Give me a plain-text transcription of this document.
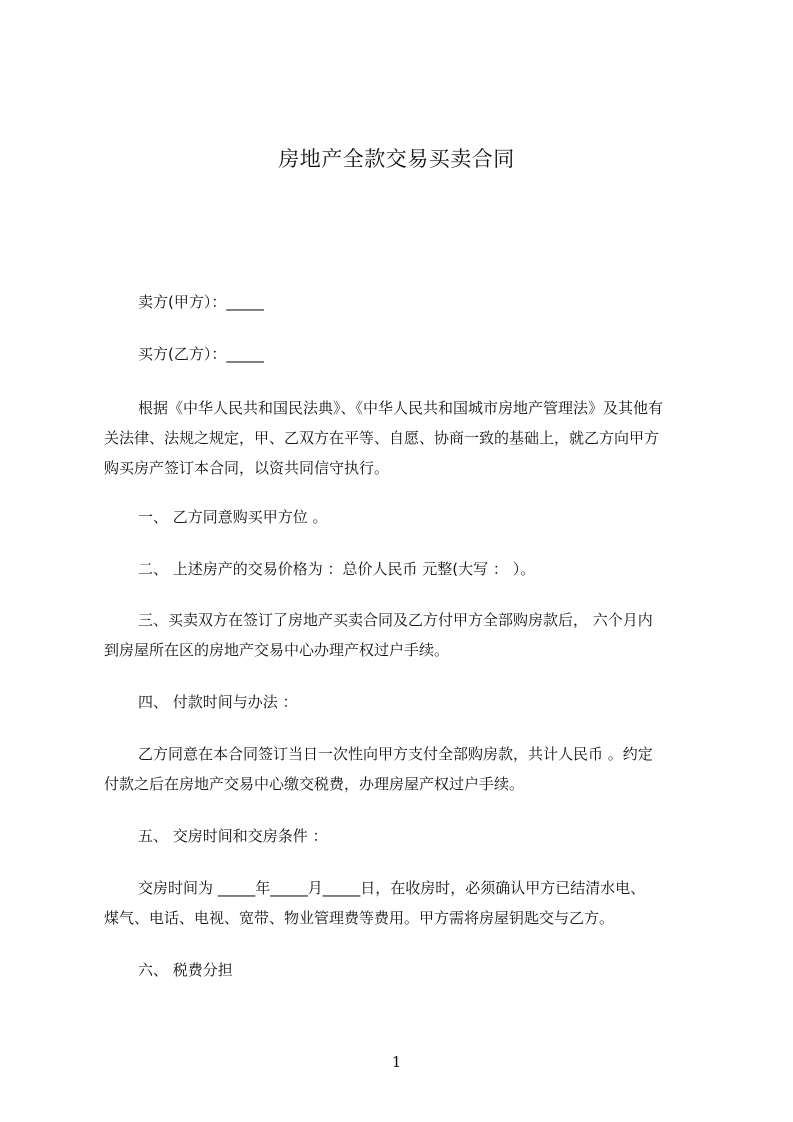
房地产全款交易买卖合同
卖方(甲方）：_____
买方(乙方）：_____
根据《中华人民共和国民法典》、《中华人民共和国城市房地产管理法》及其他有
关法律、法规之规定，甲、乙双方在平等、自愿、协商一致的基础上，就乙方向甲方
购买房产签订本合同，以资共同信守执行。
一、 乙方同意购买甲方位 。
二、 上述房产的交易价格为 ：总价人民币 元整(大写 ： ）。
三、买卖双方在签订了房地产买卖合同及乙方付甲方全部购房款后， 六个月内
到房屋所在区的房地产交易中心办理产权过户手续。
四、 付款时间与办法 ：
乙方同意在本合同签订当日一次性向甲方支付全部购房款，共计人民币 。约定
付款之后在房地产交易中心缴交税费，办理房屋产权过户手续。
五、 交房时间和交房条件 ：
交房时间为 _____年_____月_____日，在收房时，必须确认甲方已结清水电、
煤气、电话、电视、宽带、物业管理费等费用。甲方需将房屋钥匙交与乙方。
六、 税费分担
1
